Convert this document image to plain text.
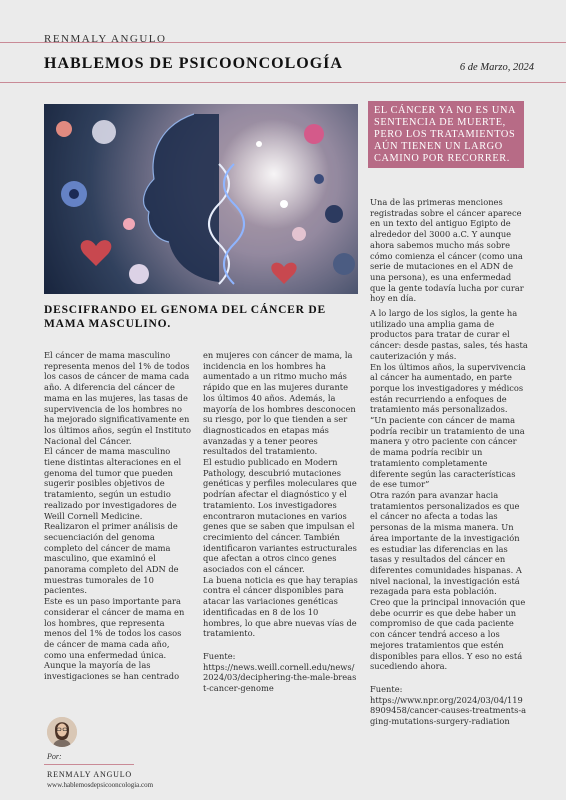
RENMALY ANGULO
HABLEMOS DE PSICOONCOLOGÍA	6 de Marzo, 2024
EL CÁNCER YA NO ES UNA SENTENCIA DE MUERTE, PERO LOS TRATAMIENTOS AÚN TIENEN UN LARGO CAMINO POR RECORRER.
DESCIFRANDO EL GENOMA DEL CÁNCER DE MAMA MASCULINO.

El cáncer de mama masculino representa menos del 1% de todos los casos de cáncer de mama cada año. A diferencia del cáncer de mama en las mujeres, las tasas de supervivencia de los hombres no ha mejorado significativamente en los últimos años, según el Instituto Nacional del Cáncer.

El cáncer de mama masculino tiene distintas alteraciones en el genoma del tumor que pueden sugerir posibles objetivos de tratamiento, según un estudio realizado por investigadores de Weill Cornell Medicine.

Realizaron el primer análisis de secuenciación del genoma completo del cáncer de mama masculino, que examinó el panorama completo del ADN de muestras tumorales de 10 pacientes.

Este es un paso importante para considerar el cáncer de mama en los hombres, que representa menos del 1% de todos los casos de cáncer de mama cada año, como una enfermedad única.

Aunque la mayoría de las investigaciones se han centrado

en mujeres con cáncer de mama, la incidencia en los hombres ha aumentado a un ritmo mucho más rápido que en las mujeres durante los últimos 40 años. Además, la mayoría de los hombres desconocen su riesgo, por lo que tienden a ser diagnosticados en etapas más avanzadas y a tener peores resultados del tratamiento.

El estudio publicado en Modern Pathology, descubrió mutaciones genéticas y perfiles moleculares que podrían afectar el diagnóstico y el tratamiento. Los investigadores encontraron mutaciones en varios genes que se saben que impulsan el crecimiento del cáncer. También identificaron variantes estructurales que afectan a otros cinco genes asociados con el cáncer.

La buena noticia es que hay terapias contra el cáncer disponibles para atacar las variaciones genéticas identificadas en 8 de los 10 hombres, lo que abre nuevas vías de tratamiento.

Fuente:

https://news.weill.cornell.edu/news/2024/03/deciphering-the-male-breast-cancer-genome

Una de las primeras menciones registradas sobre el cáncer aparece en un texto del antiguo Egipto de alrededor del 3000 a.C. Y aunque ahora sabemos mucho más sobre cómo comienza el cáncer (como una serie de mutaciones en el ADN de una persona), es una enfermedad que la gente todavía lucha por curar hoy en día.

A lo largo de los siglos, la gente ha utilizado una amplia gama de productos para tratar de curar el cáncer: desde pastas, sales, tés hasta cauterización y más.

En los últimos años, la supervivencia al cáncer ha aumentado, en parte porque los investigadores y médicos están recurriendo a enfoques de tratamiento más personalizados.

“Un paciente con cáncer de mama podría recibir un tratamiento de una manera y otro paciente con cáncer de mama podría recibir un tratamiento completamente diferente según las características de ese tumor”

Otra razón para avanzar hacia tratamientos personalizados es que el cáncer no afecta a todas las personas de la misma manera. Un área importante de la investigación es estudiar las diferencias en las tasas y resultados del cáncer en diferentes comunidades hispanas. A nivel nacional, la investigación está rezagada para esta población.

Creo que la principal innovación que debe ocurrir es que debe haber un compromiso de que cada paciente con cáncer tendrá acceso a los mejores tratamientos que estén disponibles para ellos. Y eso no está sucediendo ahora.

Fuente:

https://www.npr.org/2024/03/04/1198909458/cancer-causes-treatments-aging-mutations-surgery-radiation

Por:
RENMALY ANGULO
www.hablemosdepsicooncologia.com
